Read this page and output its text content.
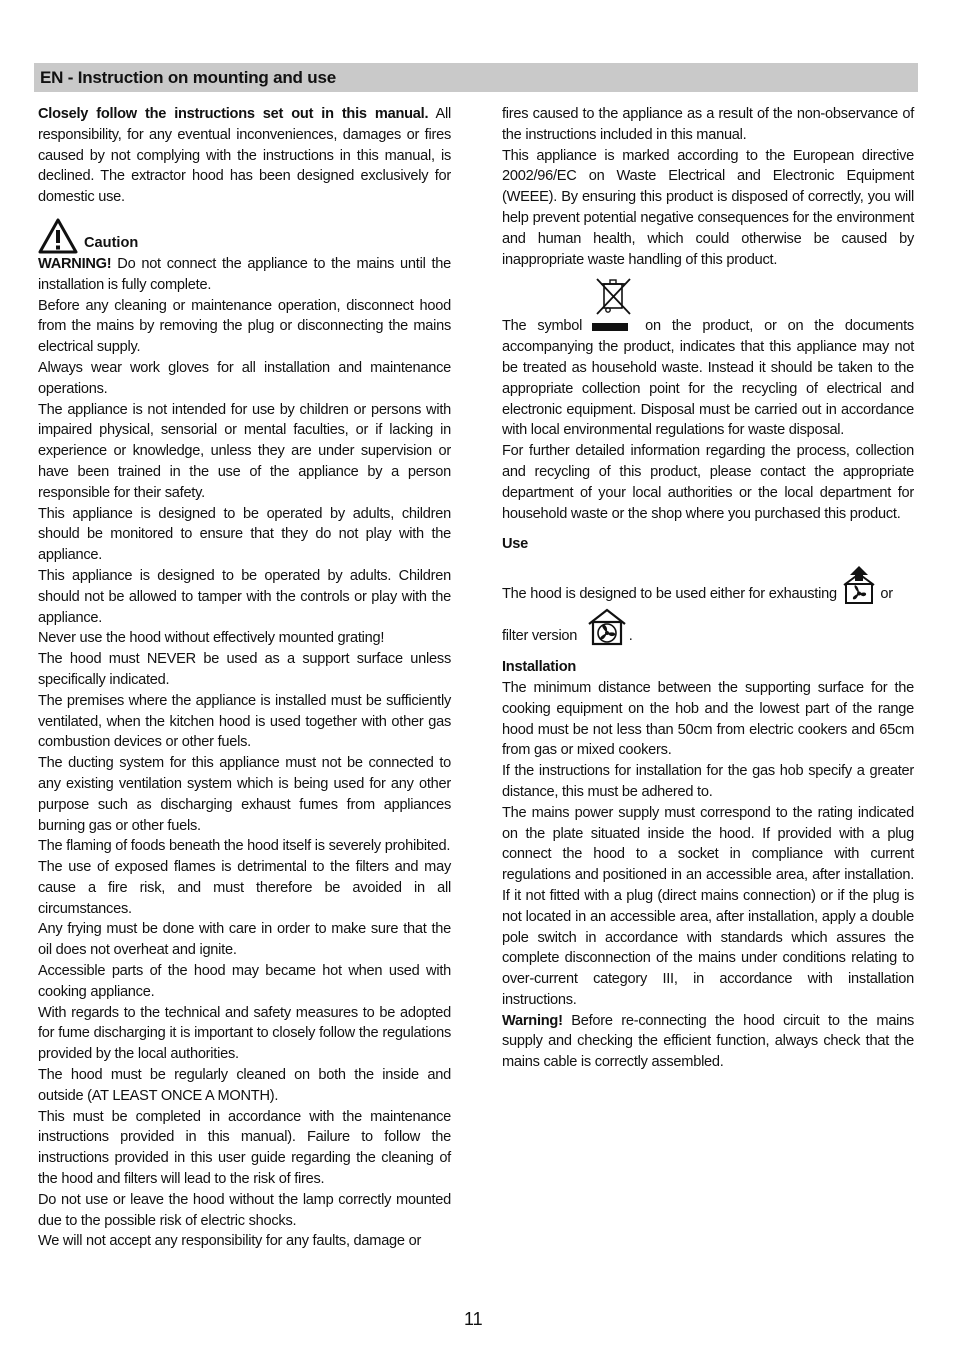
EN - Instruction on mounting and use

Closely follow the instructions set out in this manual. All responsibility, for any eventual inconveniences, damages or fires caused by not complying with the instructions in this manual, is declined. The extractor hood has been designed exclusively for domestic use.

Caution

WARNING! Do not connect the appliance to the mains until the installation is fully complete.

Before any cleaning or maintenance operation, disconnect hood from the mains by removing the plug or disconnecting the mains electrical supply.

Always wear work gloves for all installation and maintenance operations.

The appliance is not intended for use by children or persons with impaired physical, sensorial or mental faculties, or if lacking in experience or knowledge, unless they are under supervision or have been trained in the use of the appliance by a person responsible for their safety.

This appliance is designed to be operated by adults, children should be monitored to ensure that they do not play with the appliance.

This appliance is designed to be operated by adults. Children should not be allowed to tamper with the controls or play with the appliance.

Never use the hood without effectively mounted grating!

The hood must NEVER be used as a support surface unless specifically indicated.

The premises where the appliance is installed must be sufficiently ventilated, when the kitchen hood is used together with other gas combustion devices or other fuels.

The ducting system for this appliance must not be connected to any existing ventilation system which is being used for any other purpose such as discharging exhaust fumes from appliances burning gas or other fuels.

The flaming of foods beneath the hood itself is severely prohibited.

The use of exposed flames is detrimental to the filters and may cause a fire risk, and must therefore be avoided in all circumstances.

Any frying must be done with care in order to make sure that the oil does not overheat and ignite.

Accessible parts of the hood may became hot when used with cooking appliance.

With regards to the technical and safety measures to be adopted for fume discharging it is important to closely follow the regulations provided by the local authorities.

The hood must be regularly cleaned on both the inside and outside (AT LEAST ONCE A MONTH).

This must be completed in accordance with the maintenance instructions provided in this manual). Failure to follow the instructions provided in this user guide regarding the cleaning of the hood and filters will lead to the risk of fires.

Do not use or leave the hood without the lamp correctly mounted due to the possible risk of electric shocks.

We will not accept any responsibility for any faults, damage or

fires caused to the appliance as a result of the non-observance of the instructions included in this manual.

This appliance is marked according to the European directive 2002/96/EC on Waste Electrical and Electronic Equipment (WEEE). By ensuring this product is disposed of correctly, you will help prevent potential negative consequences for the environment and human health, which could otherwise be caused by inappropriate waste handling of this product.

The symbol	on the product, or on the documents accompanying the product, indicates that this appliance may not be treated as household waste. Instead it should be taken to the appropriate collection point for the recycling of electrical and electronic equipment. Disposal must be carried out in accordance with local environmental regulations for waste disposal.

For further detailed information regarding the process, collection and recycling of this product, please contact the appropriate department of your local authorities or the local department for household waste or the shop where you purchased this product.

Use

The hood is designed to be used either for exhausting	or

filter version	.

Installation

The minimum distance between the supporting surface for the cooking equipment on the hob and the lowest part of the range hood must be not less than 50cm from electric cookers and 65cm from gas or mixed cookers.

If the instructions for installation for the gas hob specify a greater distance, this must be adhered to.

The mains power supply must correspond to the rating indicated on the plate situated inside the hood. If provided with a plug connect the hood to a socket in compliance with current regulations and positioned in an accessible area, after installation. If it not fitted with a plug (direct mains connection) or if the plug is not located in an accessible area, after installation, apply a double pole switch in accordance with standards which assures the complete disconnection of the mains under conditions relating to over-current category III, in accordance with installation instructions.

Warning! Before re-connecting the hood circuit to the mains supply and checking the efficient function, always check that the mains cable is correctly assembled.

11
